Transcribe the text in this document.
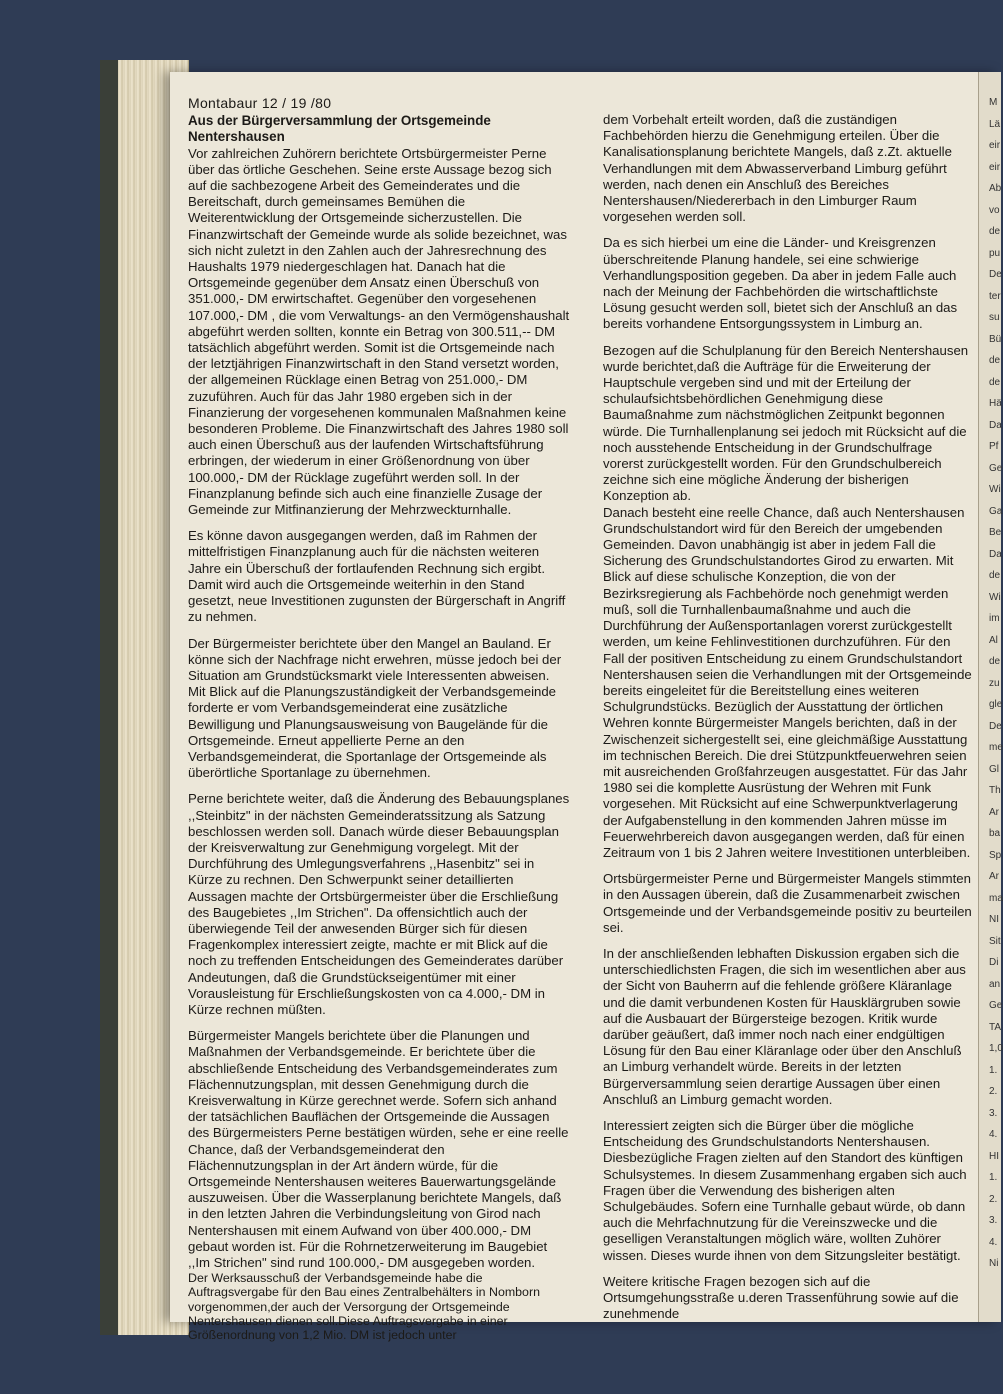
M
Lä
eir
eir
Ab
vo
de
pu
De
ter
su
Bü
de
de
Hä
Da
Pf
Ge
Wi
Ga
Be
Da
de
Wi
im
Al
de
zu
gle
De
me
Gl
Th
Ar
ba
Sp
Ar
ma
NI
Sit
Di
an
Ge
TA
1,0
1.
2.
3.
4.
HI
1.
2.
3.
4.
Ni
Montabaur 12 / 19 /80
Aus der Bürgerversammlung der Ortsgemeinde Nentershausen

Vor zahlreichen Zuhörern berichtete Ortsbürgermeister Perne über das örtliche Geschehen. Seine erste Aussage bezog sich auf die sachbezogene Arbeit des Gemeinderates und die Bereitschaft, durch gemeinsames Bemühen die Weiterentwicklung der Ortsgemeinde sicherzustellen. Die Finanzwirtschaft der Gemeinde wurde als solide bezeichnet, was sich nicht zuletzt in den Zahlen auch der Jahresrechnung des Haushalts 1979 niedergeschlagen hat. Danach hat die Ortsgemeinde gegenüber dem Ansatz einen Überschuß von 351.000,- DM erwirtschaftet. Gegenüber den vorgesehenen 107.000,- DM , die vom Verwaltungs- an den Vermögenshaushalt abgeführt werden sollten, konnte ein Betrag von 300.511,-- DM tatsächlich abgeführt werden. Somit ist die Ortsgemeinde nach der letztjährigen Finanzwirtschaft in den Stand versetzt worden, der allgemeinen Rücklage einen Betrag von 251.000,- DM zuzuführen. Auch für das Jahr 1980 ergeben sich in der Finanzierung der vorgesehenen kommunalen Maßnahmen keine besonderen Probleme. Die Finanzwirtschaft des Jahres 1980 soll auch einen Überschuß aus der laufenden Wirtschaftsführung erbringen, der wiederum in einer Größenordnung von über 100.000,- DM der Rücklage zugeführt werden soll. In der Finanzplanung befinde sich auch eine finanzielle Zusage der Gemeinde zur Mitfinanzierung der Mehrzweckturnhalle.

Es könne davon ausgegangen werden, daß im Rahmen der mittelfristigen Finanzplanung auch für die nächsten weiteren Jahre ein Überschuß der fortlaufenden Rechnung sich ergibt. Damit wird auch die Ortsgemeinde weiterhin in den Stand gesetzt, neue Investitionen zugunsten der Bürgerschaft in Angriff zu nehmen.

Der Bürgermeister berichtete über den Mangel an Bauland. Er könne sich der Nachfrage nicht erwehren, müsse jedoch bei der Situation am Grundstücksmarkt viele Interessenten abweisen. Mit Blick auf die Planungszuständigkeit der Verbandsgemeinde forderte er vom Verbandsgemeinderat eine zusätzliche Bewilligung und Planungsausweisung von Baugelände für die Ortsgemeinde. Erneut appellierte Perne an den Verbandsgemeinderat, die Sportanlage der Ortsgemeinde als überörtliche Sportanlage zu übernehmen.

Perne berichtete weiter, daß die Änderung des Bebauungsplanes ,,Steinbitz" in der nächsten Gemeinderatssitzung als Satzung beschlossen werden soll. Danach würde dieser Bebauungsplan der Kreisverwaltung zur Genehmigung vorgelegt. Mit der Durchführung des Umlegungsverfahrens ,,Hasenbitz" sei in Kürze zu rechnen. Den Schwerpunkt seiner detaillierten Aussagen machte der Ortsbürgermeister über die Erschließung des Baugebietes ,,Im Strichen". Da offensichtlich auch der überwiegende Teil der anwesenden Bürger sich für diesen Fragenkomplex interessiert zeigte, machte er mit Blick auf die noch zu treffenden Entscheidungen des Gemeinderates darüber Andeutungen, daß die Grundstückseigentümer mit einer Vorausleistung für Erschließungskosten von ca 4.000,- DM in Kürze rechnen müßten.

Bürgermeister Mangels berichtete über die Planungen und Maßnahmen der Verbandsgemeinde. Er berichtete über die abschließende Entscheidung des Verbandsgemeinderates zum Flächennutzungsplan, mit dessen Genehmigung durch die Kreisverwaltung in Kürze gerechnet werde. Sofern sich anhand der tatsächlichen Bauflächen der Ortsgemeinde die Aussagen des Bürgermeisters Perne bestätigen würden, sehe er eine reelle Chance, daß der Verbandsgemeinderat den Flächennutzungsplan in der Art ändern würde, für die Ortsgemeinde Nentershausen weiteres Bauerwartungsgelände auszuweisen. Über die Wasserplanung berichtete Mangels, daß in den letzten Jahren die Verbindungsleitung von Girod nach Nentershausen mit einem Aufwand von über 400.000,- DM gebaut worden ist. Für die Rohrnetzerweiterung im Baugebiet ,,Im Strichen" sind rund 100.000,- DM ausgegeben worden.

Der Werksausschuß der Verbandsgemeinde habe die Auftragsvergabe für den Bau eines Zentralbehälters in Nomborn vorgenommen,der auch der Versorgung der Ortsgemeinde Nentershausen dienen soll.Diese Auftragsvergabe in einer Größenordnung von 1,2 Mio. DM ist jedoch unter

dem Vorbehalt erteilt worden, daß die zuständigen Fachbehörden hierzu die Genehmigung erteilen. Über die Kanalisationsplanung berichtete Mangels, daß z.Zt. aktuelle Verhandlungen mit dem Abwasserverband Limburg geführt werden, nach denen ein Anschluß des Bereiches Nentershausen/Niedererbach in den Limburger Raum vorgesehen werden soll.

Da es sich hierbei um eine die Länder- und Kreisgrenzen überschreitende Planung handele, sei eine schwierige Verhandlungsposition gegeben. Da aber in jedem Falle auch nach der Meinung der Fachbehörden die wirtschaftlichste Lösung gesucht werden soll, bietet sich der Anschluß an das bereits vorhandene Entsorgungssystem in Limburg an.

Bezogen auf die Schulplanung für den Bereich Nentershausen wurde berichtet,daß die Aufträge für die Erweiterung der Hauptschule vergeben sind und mit der Erteilung der schulaufsichtsbehördlichen Genehmigung diese Baumaßnahme zum nächstmöglichen Zeitpunkt begonnen würde. Die Turnhallenplanung sei jedoch mit Rücksicht auf die noch ausstehende Entscheidung in der Grundschulfrage vorerst zurückgestellt worden. Für den Grundschulbereich zeichne sich eine mögliche Änderung der bisherigen Konzeption ab.

Danach besteht eine reelle Chance, daß auch Nentershausen Grundschulstandort wird für den Bereich der umgebenden Gemeinden. Davon unabhängig ist aber in jedem Fall die Sicherung des Grundschulstandortes Girod zu erwarten. Mit Blick auf diese schulische Konzeption, die von der Bezirksregierung als Fachbehörde noch genehmigt werden muß, soll die Turnhallenbaumaßnahme und auch die Durchführung der Außensportanlagen vorerst zurückgestellt werden, um keine Fehlinvestitionen durchzuführen. Für den Fall der positiven Entscheidung zu einem Grundschulstandort Nentershausen seien die Verhandlungen mit der Ortsgemeinde bereits eingeleitet für die Bereitstellung eines weiteren Schulgrundstücks. Bezüglich der Ausstattung der örtlichen Wehren konnte Bürgermeister Mangels berichten, daß in der Zwischenzeit sichergestellt sei, eine gleichmäßige Ausstattung im technischen Bereich. Die drei Stützpunktfeuerwehren seien mit ausreichenden Großfahrzeugen ausgestattet. Für das Jahr 1980 sei die komplette Ausrüstung der Wehren mit Funk vorgesehen. Mit Rücksicht auf eine Schwerpunktverlagerung der Aufgabenstellung in den kommenden Jahren müsse im Feuerwehrbereich davon ausgegangen werden, daß für einen Zeitraum von 1 bis 2 Jahren weitere Investitionen unterbleiben.

Ortsbürgermeister Perne und Bürgermeister Mangels stimmten in den Aussagen überein, daß die Zusammenarbeit zwischen Ortsgemeinde und der Verbandsgemeinde positiv zu beurteilen sei.

In der anschließenden lebhaften Diskussion ergaben sich die unterschiedlichsten Fragen, die sich im wesentlichen aber aus der Sicht von Bauherrn auf die fehlende größere Kläranlage und die damit verbundenen Kosten für Hausklärgruben sowie auf die Ausbauart der Bürgersteige bezogen. Kritik wurde darüber geäußert, daß immer noch nach einer endgültigen Lösung für den Bau einer Kläranlage oder über den Anschluß an Limburg verhandelt würde. Bereits in der letzten Bürgerversammlung seien derartige Aussagen über einen Anschluß an Limburg gemacht worden.

Interessiert zeigten sich die Bürger über die mögliche Entscheidung des Grundschulstandorts Nentershausen. Diesbezügliche Fragen zielten auf den Standort des künftigen Schulsystemes. In diesem Zusammenhang ergaben sich auch Fragen über die Verwendung des bisherigen alten Schulgebäudes. Sofern eine Turnhalle gebaut würde, ob dann auch die Mehrfachnutzung für die Vereinszwecke und die geselligen Veranstaltungen möglich wäre, wollten Zuhörer wissen. Dieses wurde ihnen von dem Sitzungsleiter bestätigt.

Weitere kritische Fragen bezogen sich auf die Ortsumgehungsstraße u.deren Trassenführung sowie auf die zunehmende
